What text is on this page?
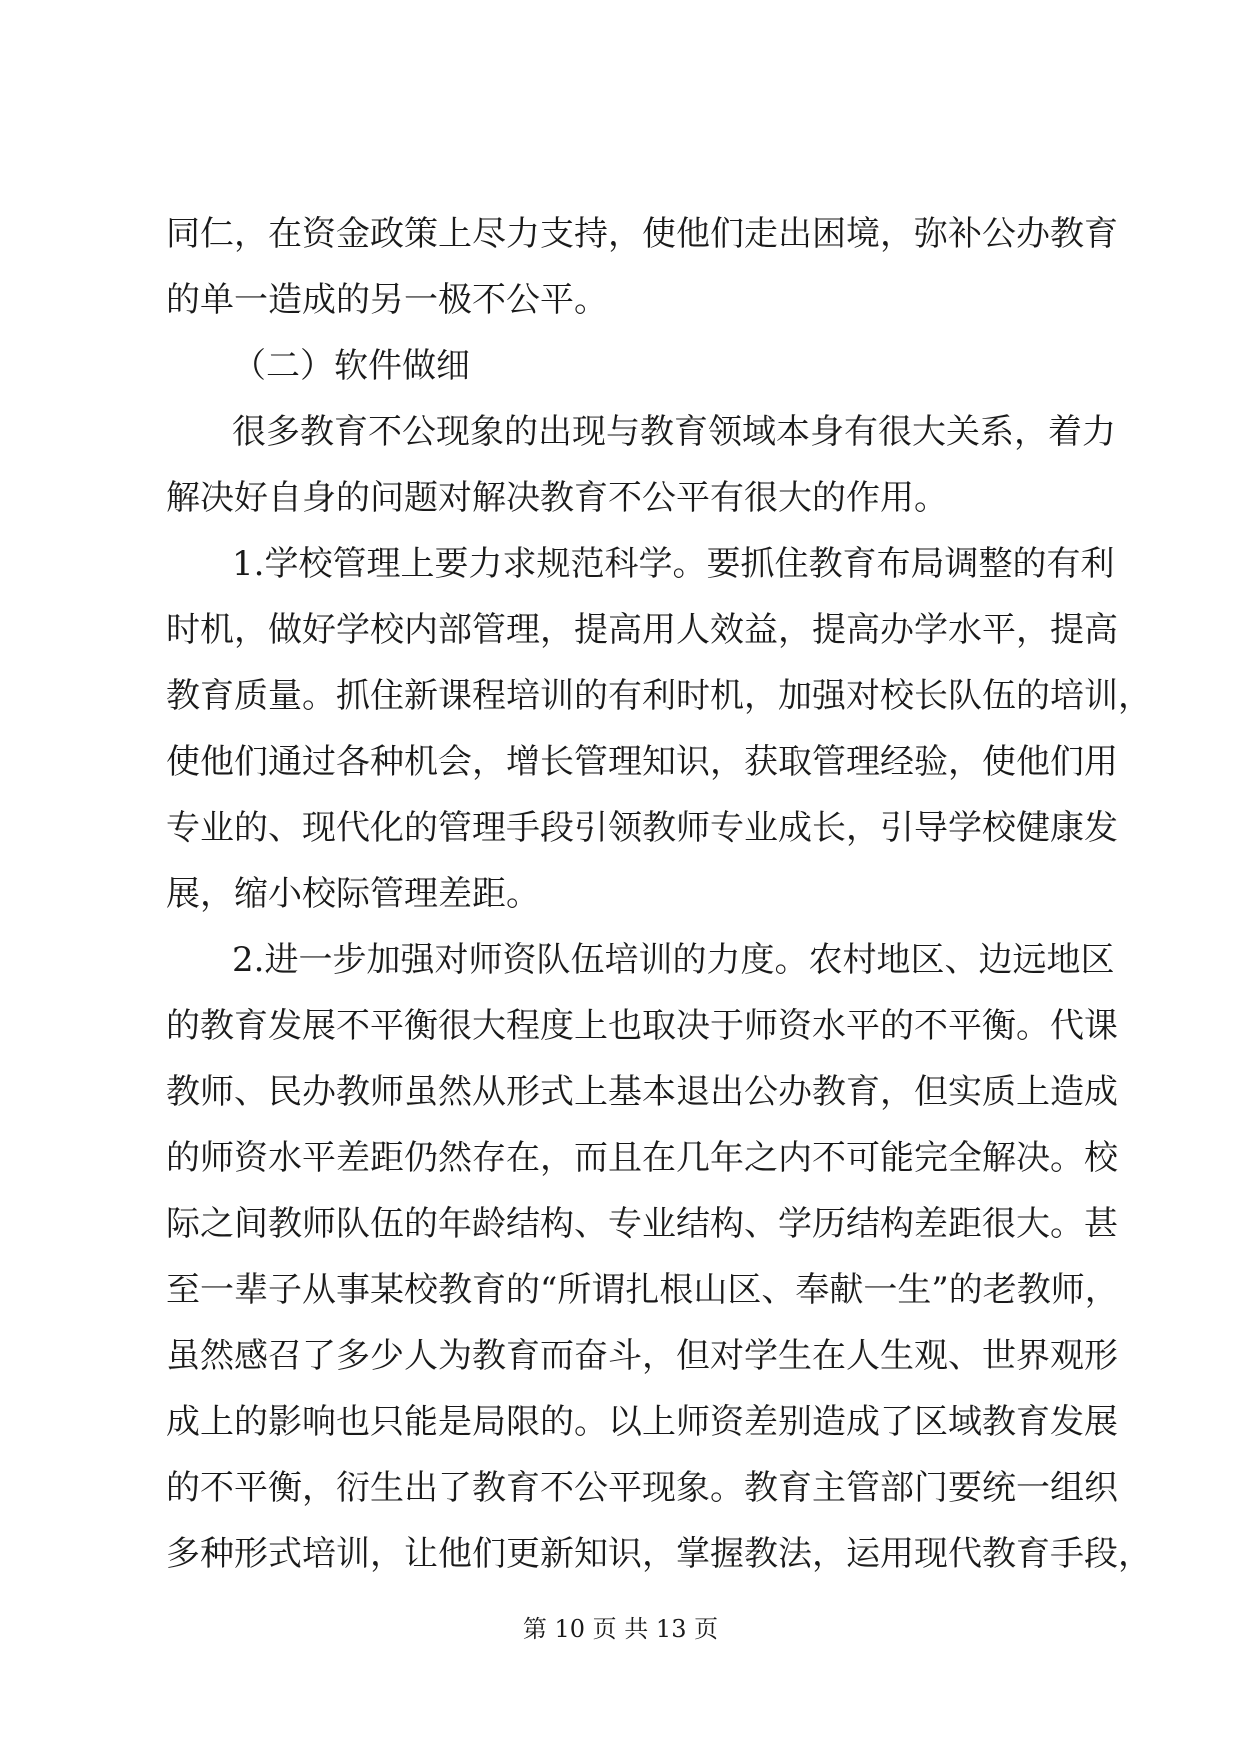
同仁，在资金政策上尽力支持，使他们走出困境，弥补公办教育
的单一造成的另一极不公平。
（二）软件做细
很多教育不公现象的出现与教育领域本身有很大关系，着力
解决好自身的问题对解决教育不公平有很大的作用。
1.学校管理上要力求规范科学。要抓住教育布局调整的有利
时机，做好学校内部管理，提高用人效益，提高办学水平，提高
教育质量。抓住新课程培训的有利时机，加强对校长队伍的培训，
使他们通过各种机会，增长管理知识，获取管理经验，使他们用
专业的、现代化的管理手段引领教师专业成长，引导学校健康发
展，缩小校际管理差距。
2.进一步加强对师资队伍培训的力度。农村地区、边远地区
的教育发展不平衡很大程度上也取决于师资水平的不平衡。代课
教师、民办教师虽然从形式上基本退出公办教育，但实质上造成
的师资水平差距仍然存在，而且在几年之内不可能完全解决。校
际之间教师队伍的年龄结构、专业结构、学历结构差距很大。甚
至一辈子从事某校教育的“所谓扎根山区、奉献一生”的老教师，
虽然感召了多少人为教育而奋斗，但对学生在人生观、世界观形
成上的影响也只能是局限的。以上师资差别造成了区域教育发展
的不平衡，衍生出了教育不公平现象。教育主管部门要统一组织
多种形式培训，让他们更新知识，掌握教法，运用现代教育手段，
第 10 页 共 13 页
